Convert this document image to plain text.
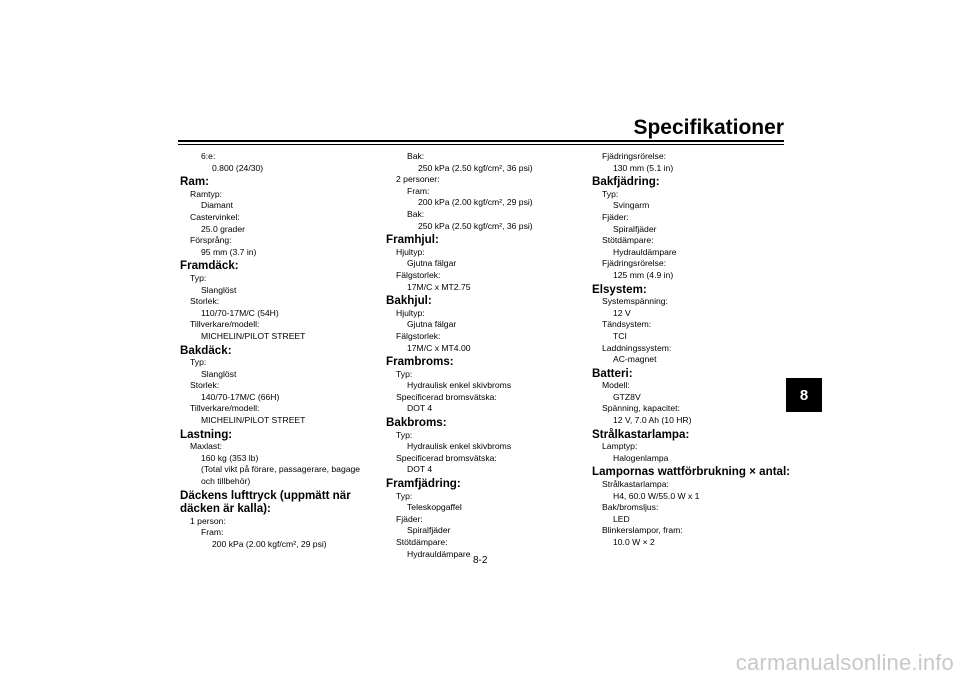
Specifikationer
8
6:e:
0.800 (24/30)
Ram:
Ramtyp:
Diamant
Castervinkel:
25.0 grader
Försprång:
95 mm (3.7 in)
Framdäck:
Typ:
Slanglöst
Storlek:
110/70-17M/C (54H)
Tillverkare/modell:
MICHELIN/PILOT STREET
Bakdäck:
Typ:
Slanglöst
Storlek:
140/70-17M/C (66H)
Tillverkare/modell:
MICHELIN/PILOT STREET
Lastning:
Maxlast:
160 kg (353 lb)
(Total vikt på förare, passagerare, bagage
och tillbehör)
Däckens lufttryck (uppmätt när däcken är kalla):
1 person:
Fram:
200 kPa (2.00 kgf/cm², 29 psi)
Bak:
250 kPa (2.50 kgf/cm², 36 psi)
2 personer:
Fram:
200 kPa (2.00 kgf/cm², 29 psi)
Bak:
250 kPa (2.50 kgf/cm², 36 psi)
Framhjul:
Hjultyp:
Gjutna fälgar
Fälgstorlek:
17M/C x MT2.75
Bakhjul:
Hjultyp:
Gjutna fälgar
Fälgstorlek:
17M/C x MT4.00
Frambroms:
Typ:
Hydraulisk enkel skivbroms
Specificerad bromsvätska:
DOT 4
Bakbroms:
Typ:
Hydraulisk enkel skivbroms
Specificerad bromsvätska:
DOT 4
Framfjädring:
Typ:
Teleskopgaffel
Fjäder:
Spiralfjäder
Stötdämpare:
Hydrauldämpare
Fjädringsrörelse:
130 mm (5.1 in)
Bakfjädring:
Typ:
Svingarm
Fjäder:
Spiralfjäder
Stötdämpare:
Hydrauldämpare
Fjädringsrörelse:
125 mm (4.9 in)
Elsystem:
Systemspänning:
12 V
Tändsystem:
TCI
Laddningssystem:
AC-magnet
Batteri:
Modell:
GTZ8V
Spänning, kapacitet:
12 V, 7.0 Ah (10 HR)
Strålkastarlampa:
Lamptyp:
Halogenlampa
Lampornas wattförbrukning × antal:
Strålkastarlampa:
H4, 60.0 W/55.0 W x 1
Bak/bromsljus:
LED
Blinkerslampor, fram:
10.0 W × 2
8-2
carmanualsonline.info
